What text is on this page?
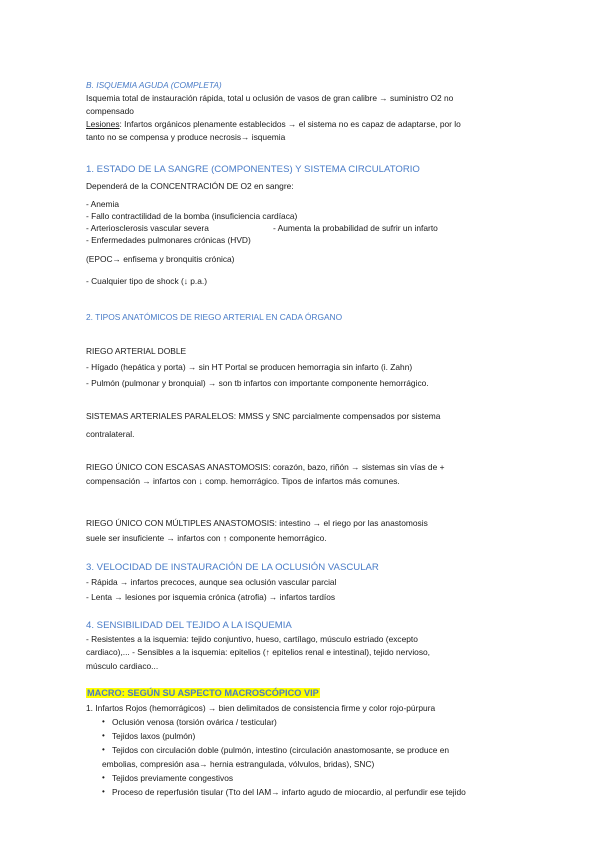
B. ISQUEMIA AGUDA (COMPLETA)
Isquemia total de instauración rápida, total u oclusión de vasos de gran calibre → suministro O2 no
compensado
Lesiones: Infartos orgánicos plenamente establecidos → el sistema no es capaz de adaptarse, por lo
tanto no se compensa y produce necrosis→ isquemia
1. ESTADO DE LA SANGRE (COMPONENTES) Y SISTEMA CIRCULATORIO
Dependerá de la CONCENTRACIÓN DE O2 en sangre:
- Anemia
- Fallo contractilidad de la bomba (insuficiencia cardíaca)
- Arteriosclerosis vascular severa	- Aumenta la probabilidad de sufrir un infarto
- Enfermedades pulmonares crónicas (HVD)
(EPOC→ enfisema y bronquitis crónica)
- Cualquier tipo de shock (↓ p.a.)
2. TIPOS ANATÓMICOS DE RIEGO ARTERIAL EN CADA ÓRGANO
RIEGO ARTERIAL DOBLE
- Hígado (hepática y porta) → sin HT Portal se producen hemorragia sin infarto (i. Zahn)
- Pulmón (pulmonar y bronquial) → son tb infartos con importante componente hemorrágico.
SISTEMAS ARTERIALES PARALELOS: MMSS y SNC parcialmente compensados por sistema
contralateral.
RIEGO ÚNICO CON ESCASAS ANASTOMOSIS: corazón, bazo, riñón → sistemas sin vías de +
compensación → infartos con ↓ comp. hemorrágico. Tipos de infartos más comunes.
RIEGO ÚNICO CON MÚLTIPLES ANASTOMOSIS: intestino → el riego por las anastomosis
suele ser insuficiente → infartos con ↑ componente hemorrágico.
3. VELOCIDAD DE INSTAURACIÓN DE LA OCLUSIÓN VASCULAR
- Rápida → infartos precoces, aunque sea oclusión vascular parcial
- Lenta → lesiones por isquemia crónica (atrofia) → infartos tardíos
4. SENSIBILIDAD DEL TEJIDO A LA ISQUEMIA
- Resistentes a la isquemia: tejido conjuntivo, hueso, cartílago, músculo estriado (excepto
cardiaco),... - Sensibles a la isquemia: epitelios (↑ epitelios renal e intestinal), tejido nervioso,
músculo cardiaco...
MACRO: SEGÚN SU ASPECTO MACROSCÓPICO VIP
1. Infartos Rojos (hemorrágicos) → bien delimitados de consistencia firme y color rojo-púrpura
• Oclusión venosa (torsión ovárica / testicular)
• Tejidos laxos (pulmón)
• Tejidos con circulación doble (pulmón, intestino (circulación anastomosante, se produce en
embolias, compresión asa→ hernia estrangulada, vólvulos, bridas), SNC)
• Tejidos previamente congestivos
• Proceso de reperfusión tisular (Tto del IAM→ infarto agudo de miocardio, al perfundir ese tejido
